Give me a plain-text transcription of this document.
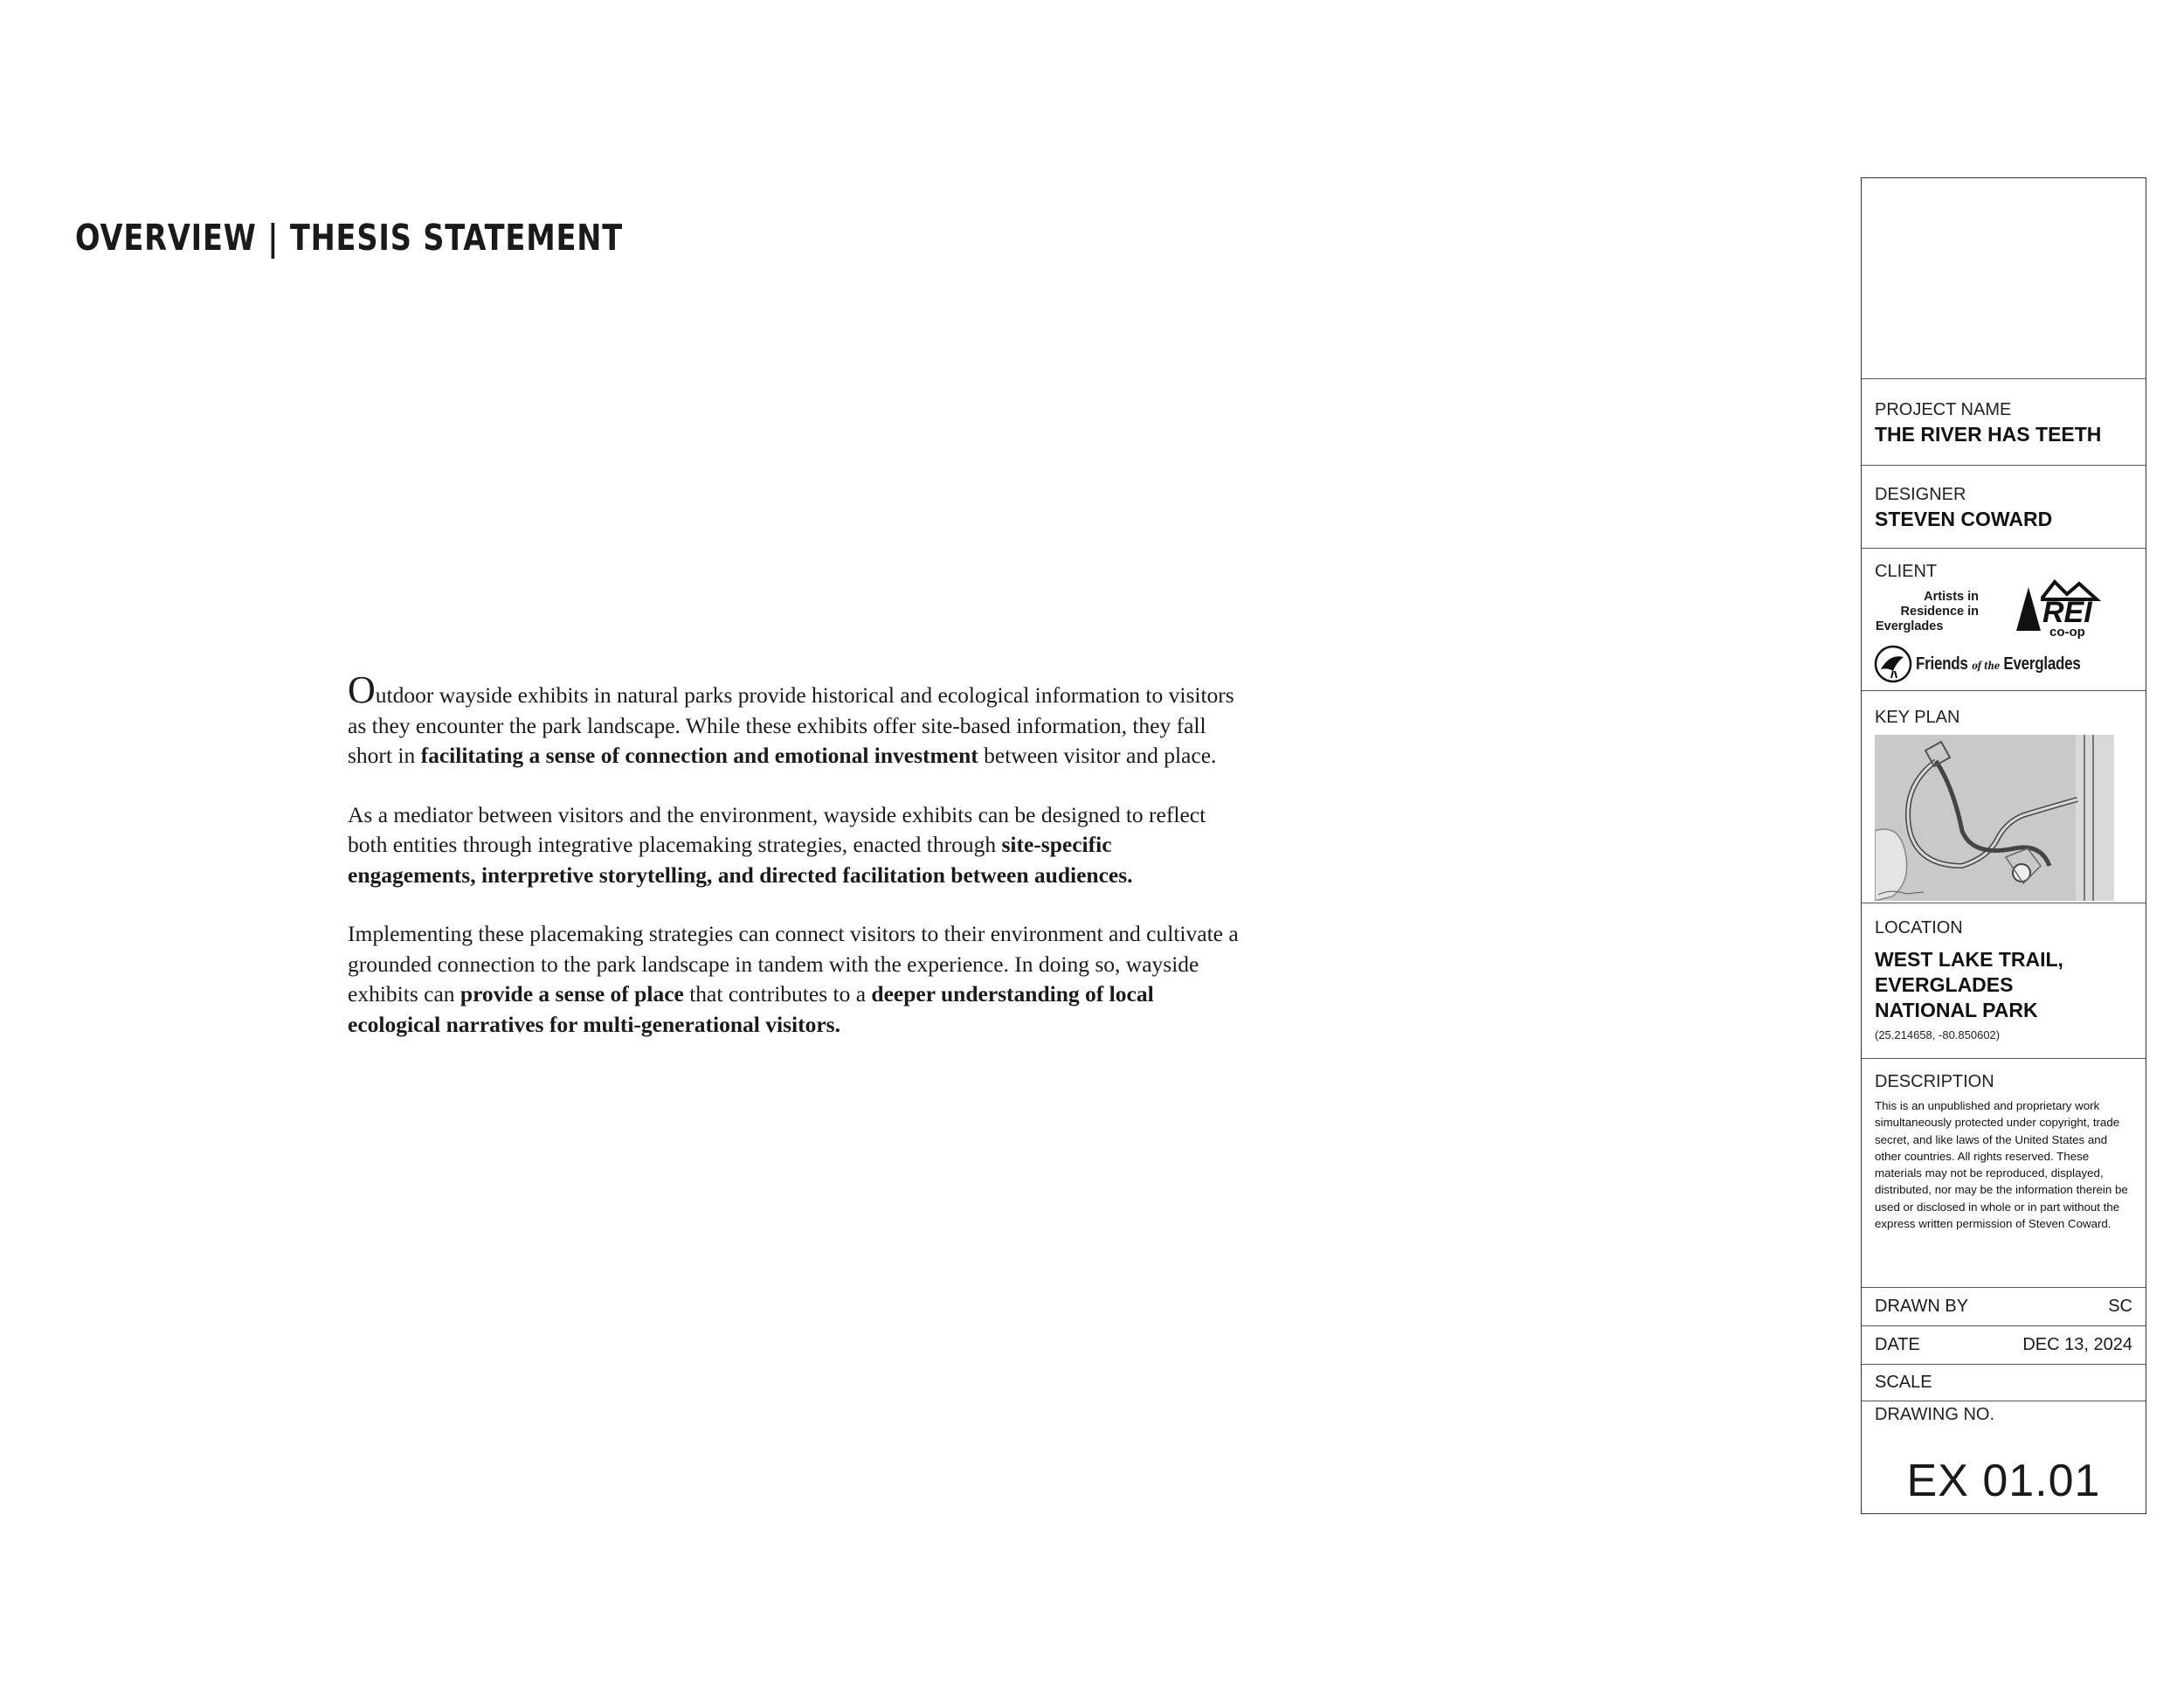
OVERVIEW | THESIS STATEMENT

Outdoor wayside exhibits in natural parks provide historical and ecological information to visitors as they encounter the park landscape. While these exhibits offer site-based information, they fall short in facilitating a sense of connection and emotional investment between visitor and place.

As a mediator between visitors and the environment, wayside exhibits can be designed to reflect both entities through integrative placemaking strategies, enacted through site-specific engagements, interpretive storytelling, and directed facilitation between audiences.

Implementing these placemaking strategies can connect visitors to their environment and cultivate a grounded connection to the park landscape in tandem with the experience. In doing so, wayside exhibits can provide a sense of place that contributes to a deeper understanding of local ecological narratives for multi-generational visitors.

PROJECT NAME
THE RIVER HAS TEETH
DESIGNER
STEVEN COWARD
CLIENT
Artists in
Residence in
Everglades	REI
co-op
Friends of the Everglades
KEY PLAN
LOCATION
WEST LAKE TRAIL,
EVERGLADES
NATIONAL PARK
(25.214658, -80.850602)
DESCRIPTION
This is an unpublished and proprietary work simultaneously protected under copyright, trade secret, and like laws of the United States and other countries. All rights reserved. These materials may not be reproduced, displayed, distributed, nor may be the information therein be used or disclosed in whole or in part without the express written permission of Steven Coward.
DRAWN BY	SC
DATE	DEC 13, 2024
SCALE
DRAWING NO.
EX 01.01
